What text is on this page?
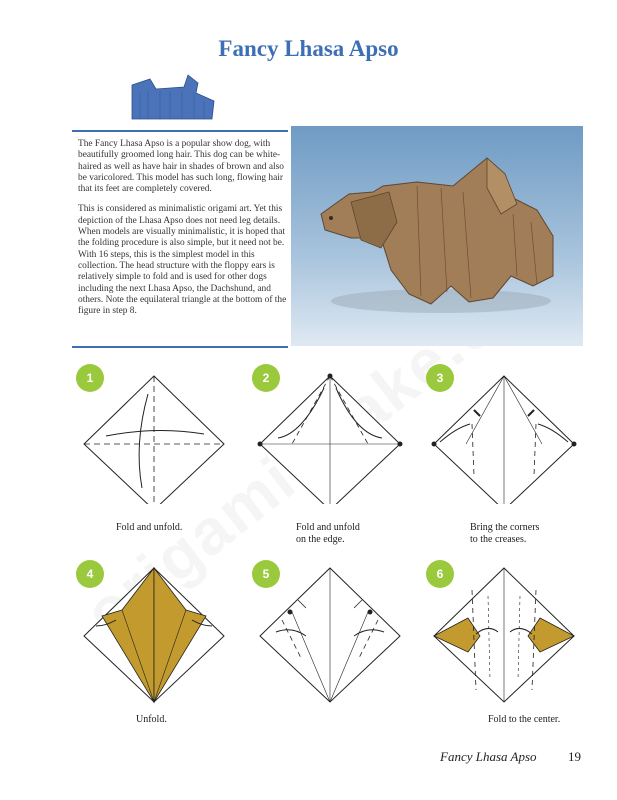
Fancy Lhasa Apso

The Fancy Lhasa Apso is a popular show dog, with beautifully groomed long hair. This dog can be white-haired as well as have hair in shades of brown and also be varicolored. This model has such long, flowing hair that its feet are completely covered.

This is considered as minimalistic origami art. Yet this depiction of the Lhasa Apso does not need leg details. When models are visually minimalistic, it is hoped that the folding procedure is also simple, but it need not be. With 16 steps, this is the simplest model in this collection. The head structure with the floppy ears is relatively simple to fold and is used for other dogs including the next Lhasa Apso, the Dachshund, and others. Note the equilateral triangle at the bottom of the figure in step 8.

1
Fold and unfold.
2
Fold and unfold
on the edge.
3
Bring the corners
to the creases.
4
Unfold.
5	6
Fold to the center.
Fancy Lhasa Apso 19
